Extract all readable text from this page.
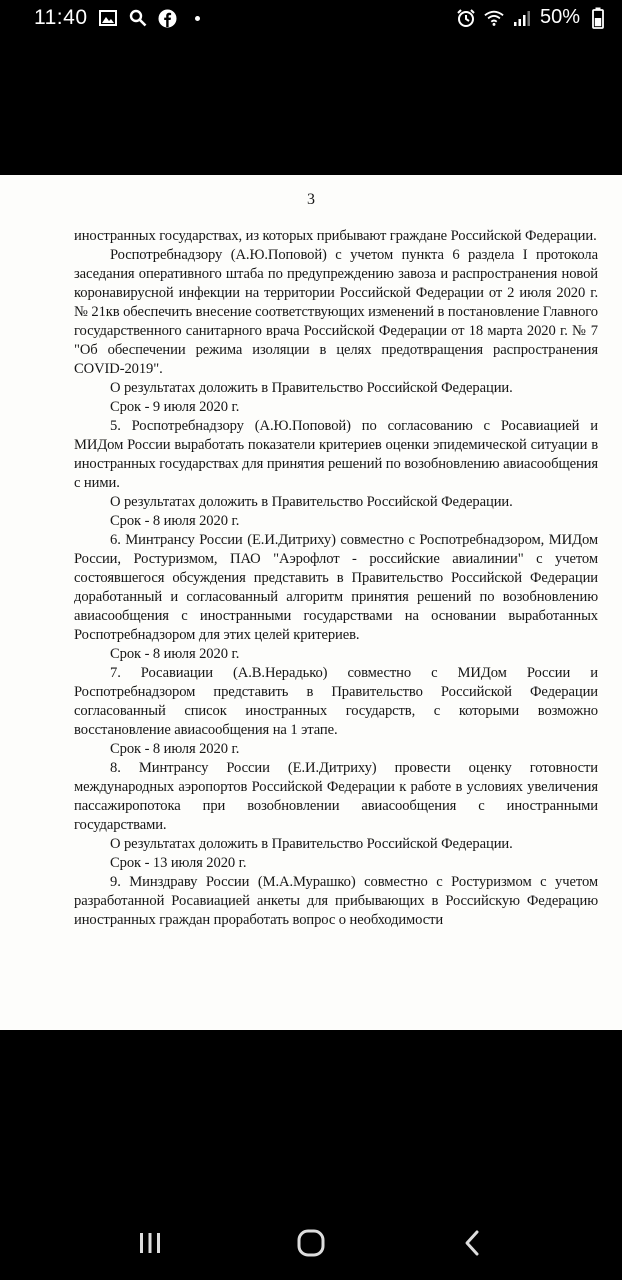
11:40	50%
3

иностранных государствах, из которых прибывают граждане Российской Федерации.

Роспотребнадзору (А.Ю.Поповой) с учетом пункта 6 раздела I протокола заседания оперативного штаба по предупреждению завоза и распространения новой коронавирусной инфекции на территории Российской Федерации от 2 июля 2020 г. № 21кв обеспечить внесение соответствующих изменений в постановление Главного государственного санитарного врача Российской Федерации от 18 марта 2020 г. № 7 "Об обеспечении режима изоляции в целях предотвращения распространения COVID-2019".

О результатах доложить в Правительство Российской Федерации.

Срок - 9 июля 2020 г.

5. Роспотребнадзору (А.Ю.Поповой) по согласованию с Росавиацией и МИДом России выработать показатели критериев оценки эпидемической ситуации в иностранных государствах для принятия решений по возобновлению авиасообщения с ними.

О результатах доложить в Правительство Российской Федерации.

Срок - 8 июля 2020 г.

6. Минтрансу России (Е.И.Дитриху) совместно с Роспотребнадзором, МИДом России, Ростуризмом, ПАО "Аэрофлот - российские авиалинии" с учетом состоявшегося обсуждения представить в Правительство Российской Федерации доработанный и согласованный алгоритм принятия решений по возобновлению авиасообщения с иностранными государствами на основании выработанных Роспотребнадзором для этих целей критериев.

Срок - 8 июля 2020 г.

7. Росавиации (А.В.Нерадько) совместно с МИДом России и Роспотребнадзором представить в Правительство Российской Федерации согласованный список иностранных государств, с которыми возможно восстановление авиасообщения на 1 этапе.

Срок - 8 июля 2020 г.

8. Минтрансу России (Е.И.Дитриху) провести оценку готовности международных аэропортов Российской Федерации к работе в условиях увеличения пассажиропотока при возобновлении авиасообщения с иностранными государствами.

О результатах доложить в Правительство Российской Федерации.

Срок - 13 июля 2020 г.

9. Минздраву России (М.А.Мурашко) совместно с Ростуризмом с учетом разработанной Росавиацией анкеты для прибывающих в Российскую Федерацию иностранных граждан проработать вопрос о необходимости
